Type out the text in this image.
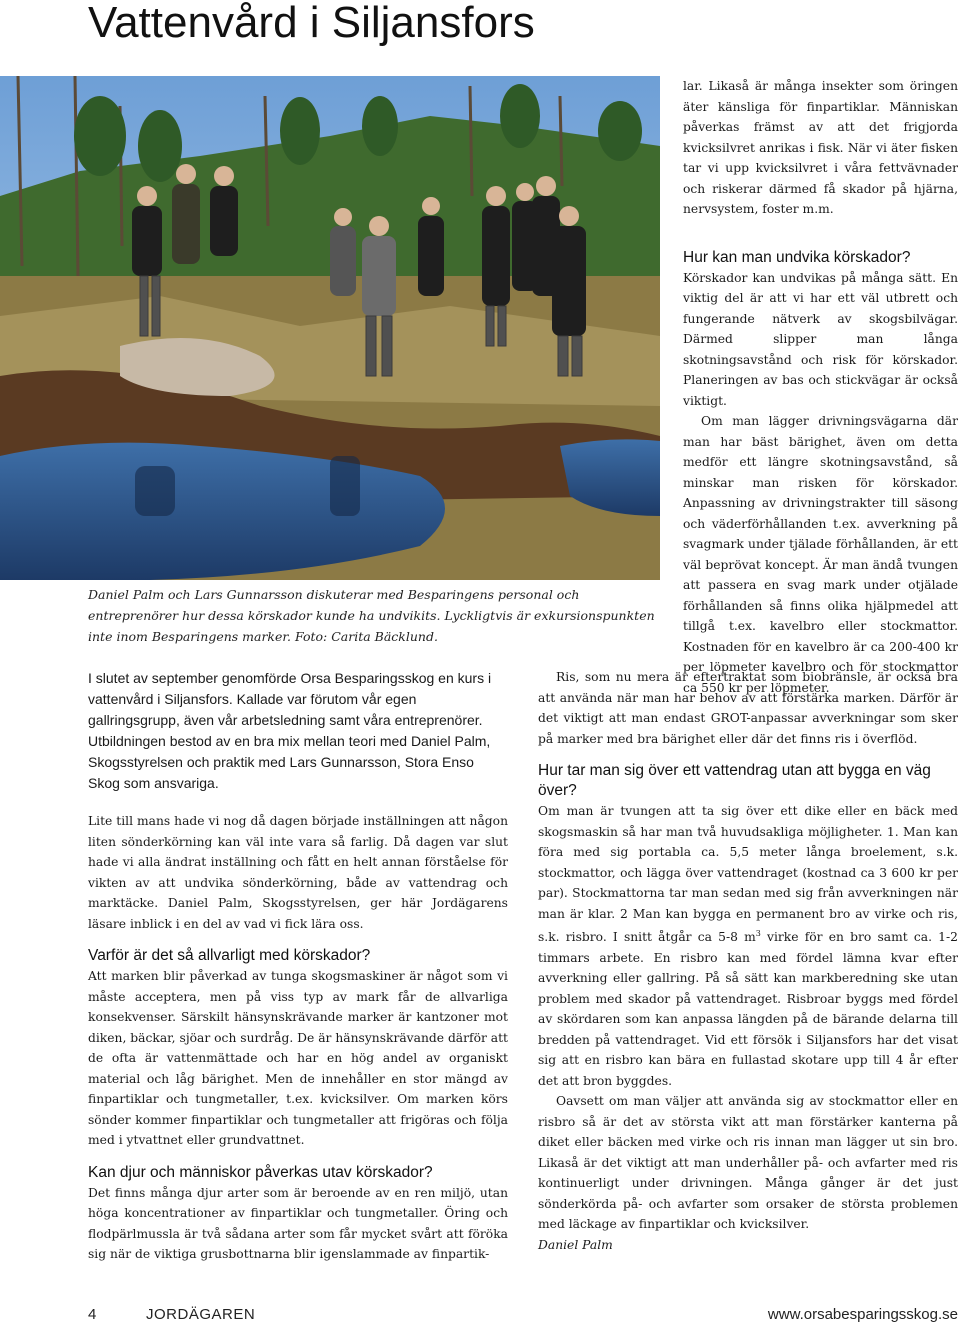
Vattenvård i Siljansfors

Daniel Palm och Lars Gunnarsson diskuterar med Besparingens personal och entreprenörer hur dessa körskador kunde ha undvikits. Lyckligtvis är exkursionspunkten inte inom Besparingens marker. Foto: Carita Bäcklund.

I slutet av september genomförde Orsa Besparingsskog en kurs i vattenvård i Siljansfors. Kallade var förutom vår egen gallringsgrupp, även vår arbetsledning samt våra entreprenörer. Utbildningen bestod av en bra mix mellan teori med Daniel Palm, Skogsstyrelsen och praktik med Lars Gunnarsson, Stora Enso Skog som ansvariga.

Lite till mans hade vi nog då dagen började inställningen att någon liten sönderkörning kan väl inte vara så farlig. Då dagen var slut hade vi alla ändrat inställning och fått en helt annan förståelse för vikten av att undvika sönderkörning, både av vattendrag och marktäcke. Daniel Palm, Skogsstyrelsen, ger här Jordägarens läsare inblick i en del av vad vi fick lära oss.

Varför är det så allvarligt med körskador?

Att marken blir påverkad av tunga skogsmaskiner är något som vi måste acceptera, men på viss typ av mark får de allvarliga konsekvenser. Särskilt hänsynskrävande marker är kantzoner mot diken, bäckar, sjöar och surdråg. De är hänsynskrävande därför att de ofta är vattenmättade och har en hög andel av organiskt material och låg bärighet. Men de innehåller en stor mängd av finpartiklar och tungmetaller, t.ex. kvicksilver. Om marken körs sönder kommer finpartiklar och tungmetaller att frigöras och följa med i ytvattnet eller grundvattnet.

Kan djur och människor påverkas utav körskador?

Det finns många djur arter som är beroende av en ren miljö, utan höga koncentrationer av finpartiklar och tungmetaller. Öring och flodpärlmussla är två sådana arter som får mycket svårt att föröka sig när de viktiga grusbottnarna blir igenslammade av finpartik-

lar. Likaså är många insekter som öringen äter känsliga för finpartiklar. Människan påverkas främst av att det frigjorda kvicksilvret anrikas i fisk. När vi äter fisken tar vi upp kvicksilvret i våra fettvävnader och riskerar därmed få skador på hjärna, nervsystem, foster m.m.

Hur kan man undvika körskador?

Körskador kan undvikas på många sätt. En viktig del är att vi har ett väl utbrett och fungerande nätverk av skogsbilvägar. Därmed slipper man långa skotningsavstånd och risk för körskador. Planeringen av bas och stickvägar är också viktigt.

Om man lägger drivningsvägarna där man har bäst bärighet, även om detta medför ett längre skotningsavstånd, så minskar man risken för körskador. Anpassning av drivningstrakter till säsong och väderförhållanden t.ex. avverkning på svagmark under tjälade förhållanden, är ett väl beprövat koncept. Är man ändå tvungen att passera en svag mark under otjälade förhållanden så finns olika hjälpmedel att tillgå t.ex. kavelbro eller stockmattor. Kostnaden för en kavelbro är ca 200-400 kr per löpmeter kavelbro och för stockmattor ca 550 kr per löpmeter.

Ris, som nu mera är eftertraktat som biobränsle, är också bra att använda när man har behov av att förstärka marken. Därför är det viktigt att man endast GROT-anpassar avverkningar som sker på marker med bra bärighet eller där det finns ris i överflöd.

Hur tar man sig över ett vattendrag utan att bygga en väg över?

Om man är tvungen att ta sig över ett dike eller en bäck med skogsmaskin så har man två huvudsakliga möjligheter. 1. Man kan föra med sig portabla ca. 5,5 meter långa broelement, s.k. stockmattor, och lägga över vattendraget (kostnad ca 3 600 kr per par). Stockmattorna tar man sedan med sig från avverkningen när man är klar. 2 Man kan bygga en permanent bro av virke och ris, s.k. risbro. I snitt åtgår ca 5-8 $m^3$ virke för en bro samt ca. 1-2 timmars arbete. En risbro kan med fördel lämna kvar efter avverkning eller gallring. På så sätt kan markberedning ske utan problem med skador på vattendraget. Risbroar byggs med fördel av skördaren som kan anpassa längden på de bärande delarna till bredden på vattendraget. Vid ett försök i Siljansfors har det visat sig att en risbro kan bära en fullastad skotare upp till 4 år efter det att bron byggdes.

Oavsett om man väljer att använda sig av stockmattor eller en risbro så är det av största vikt att man förstärker kanterna på diket eller bäcken med virke och ris innan man lägger ut sin bro. Likaså är det viktigt att man underhåller på- och avfarter med ris kontinuerligt under drivningen. Många gånger är det just sönderkörda på- och avfarter som orsaker de största problemen med läckage av finpartiklar och kvicksilver.

Daniel Palm

4	JORDÄGAREN	www.orsabesparingsskog.se
